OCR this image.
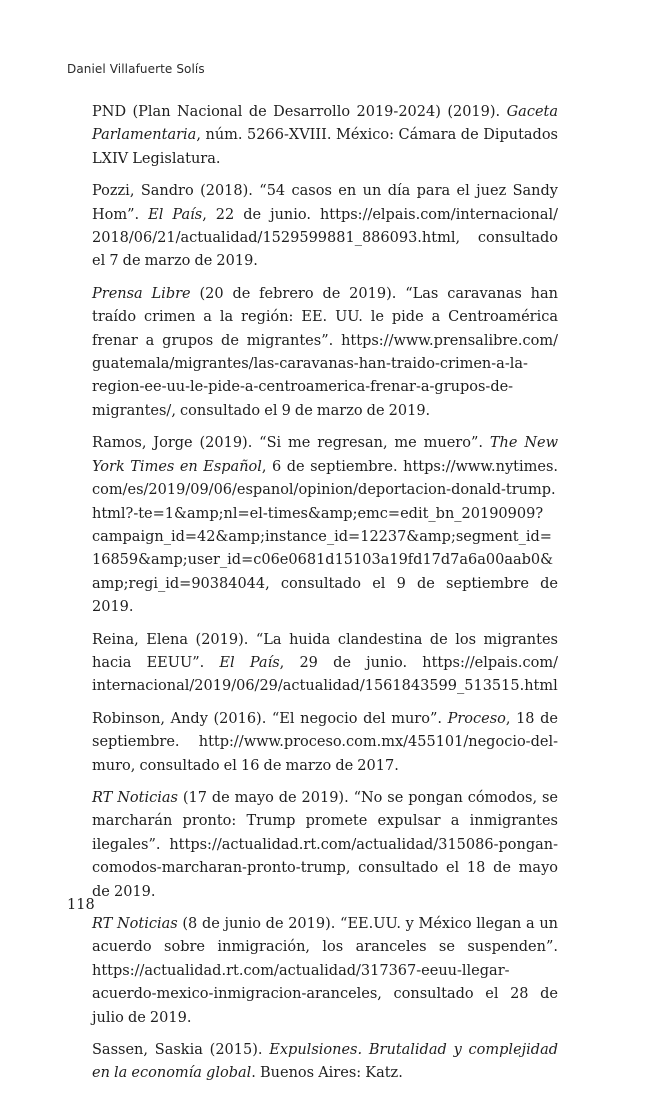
Daniel Villafuerte Solís

PND (Plan Nacional de Desarrollo 2019-2024) (2019). Gaceta Parlamentaria, núm. 5266-XVIII. México: Cámara de Diputados LXIV Legislatura.

Pozzi, Sandro (2018). “54 casos en un día para el juez Sandy Hom”. El País, 22 de junio. https://elpais.com/internacional/2018/06/21/actualidad/1529599881_886093.html, consultado el 7 de marzo de 2019.

Prensa Libre (20 de febrero de 2019). “Las caravanas han traído crimen a la región: EE. UU. le pide a Centroamérica frenar a grupos de migrantes”. https://www.prensalibre.com/guatemala/migrantes/las-caravanas-han-traido-crimen-a-la-region-ee-uu-le-pide-a-centroamerica-frenar-a-grupos-de-migrantes/, consultado el 9 de marzo de 2019.

Ramos, Jorge (2019). “Si me regresan, me muero”. The New York Times en Español, 6 de septiembre. https://www.nytimes.com/es/2019/09/06/espanol/opinion/deportacion-donald-trump.html?-te=1&amp;nl=el-times&amp;emc=edit_bn_20190909?campaign_id=42&amp;instance_id=12237&amp;segment_id=16859&amp;user_id=c06e0681d15103a19fd17d7a6a00aab0&amp;regi_id=90384044, consultado el 9 de septiembre de 2019.

Reina, Elena (2019). “La huida clandestina de los migrantes hacia EEUU”. El País, 29 de junio. https://elpais.com/internacional/2019/06/29/actualidad/1561843599_513515.html

Robinson, Andy (2016). “El negocio del muro”. Proceso, 18 de septiembre. http://www.proceso.com.mx/455101/negocio-del-muro, consultado el 16 de marzo de 2017.

RT Noticias (17 de mayo de 2019). “No se pongan cómodos, se marcharán pronto: Trump promete expulsar a inmigrantes ilegales”. https://actualidad.rt.com/actualidad/315086-pongan-comodos-marcharan-pronto-trump, consultado el 18 de mayo de 2019.

RT Noticias (8 de junio de 2019). “EE.UU. y México llegan a un acuerdo sobre inmigración, los aranceles se suspenden”. https://actualidad.rt.com/actualidad/317367-eeuu-llegar-acuerdo-mexico-inmigracion-aranceles, consultado el 28 de julio de 2019.

Sassen, Saskia (2015). Expulsiones. Brutalidad y complejidad en la economía global. Buenos Aires: Katz.

118
